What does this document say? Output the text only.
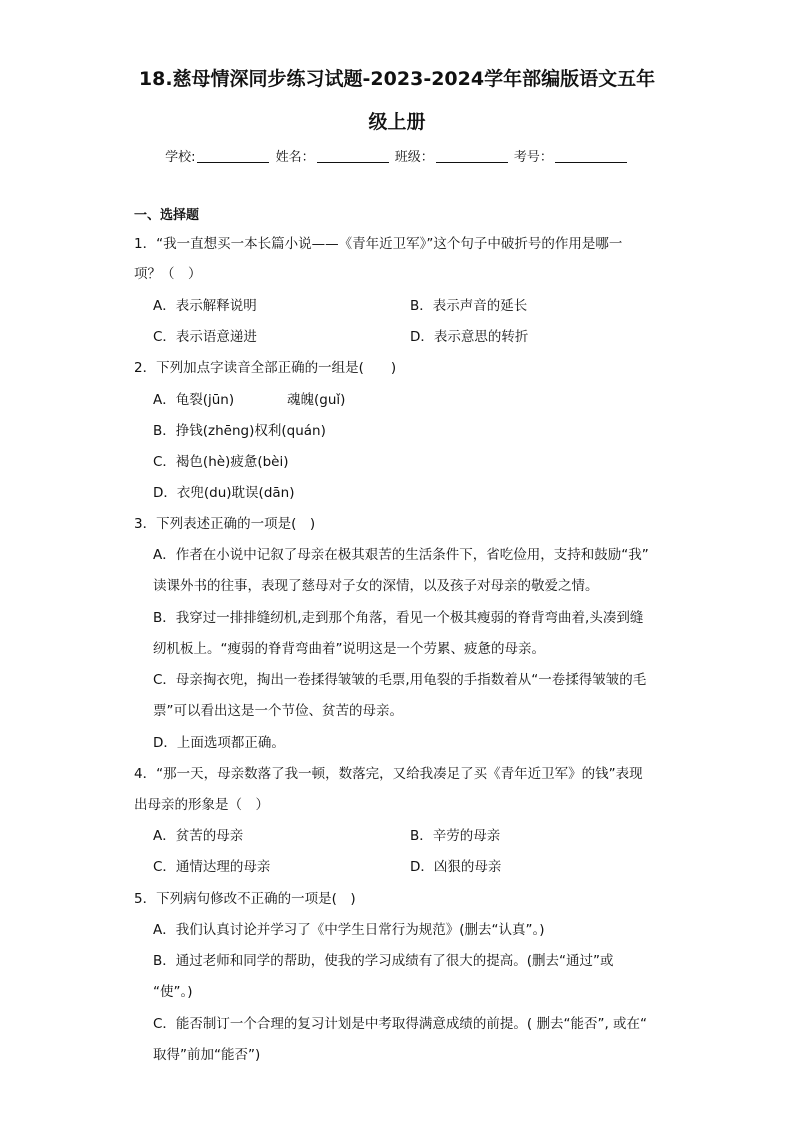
18.慈母情深同步练习试题-2023-2024学年部编版语文五年
级上册
学校:	姓名：	班级：	考号：
一、选择题
1．“我一直想买一本长篇小说——《青年近卫军》”这个句子中破折号的作用是哪一
项？（　）
A．表示解释说明	B．表示声音的延长
C．表示语意递进	D．表示意思的转折
2．下列加点字读音全部正确的一组是(　　)
A．龟裂(jūn)	魂魄(guǐ)
B．挣钱(zhēng)权利(quán)
C．褐色(hè)疲惫(bèi)
D．衣兜(du)耽误(dān)
3．下列表述正确的一项是(　)
A．作者在小说中记叙了母亲在极其艰苦的生活条件下，省吃俭用，支持和鼓励“我”
读课外书的往事，表现了慈母对子女的深情，以及孩子对母亲的敬爱之情。
B．我穿过一排排缝纫机,走到那个角落，看见一个极其瘦弱的脊背弯曲着,头凑到缝
纫机板上。“瘦弱的脊背弯曲着”说明这是一个劳累、疲惫的母亲。
C．母亲掏衣兜，掏出一卷揉得皱皱的毛票,用龟裂的手指数着从“一卷揉得皱皱的毛
票”可以看出这是一个节俭、贫苦的母亲。
D．上面选项都正确。
4．“那一天，母亲数落了我一顿，数落完，又给我凑足了买《青年近卫军》的钱”表现
出母亲的形象是（　）
A．贫苦的母亲	B．辛劳的母亲
C．通情达理的母亲	D．凶狠的母亲
5．下列病句修改不正确的一项是(　)
A．我们认真讨论并学习了《中学生日常行为规范》(删去“认真”。)
B．通过老师和同学的帮助，使我的学习成绩有了很大的提高。(删去“通过”或
“使”。)
C．能否制订一个合理的复习计划是中考取得满意成绩的前提。( 删去“能否”, 或在“
取得”前加“能否”)
